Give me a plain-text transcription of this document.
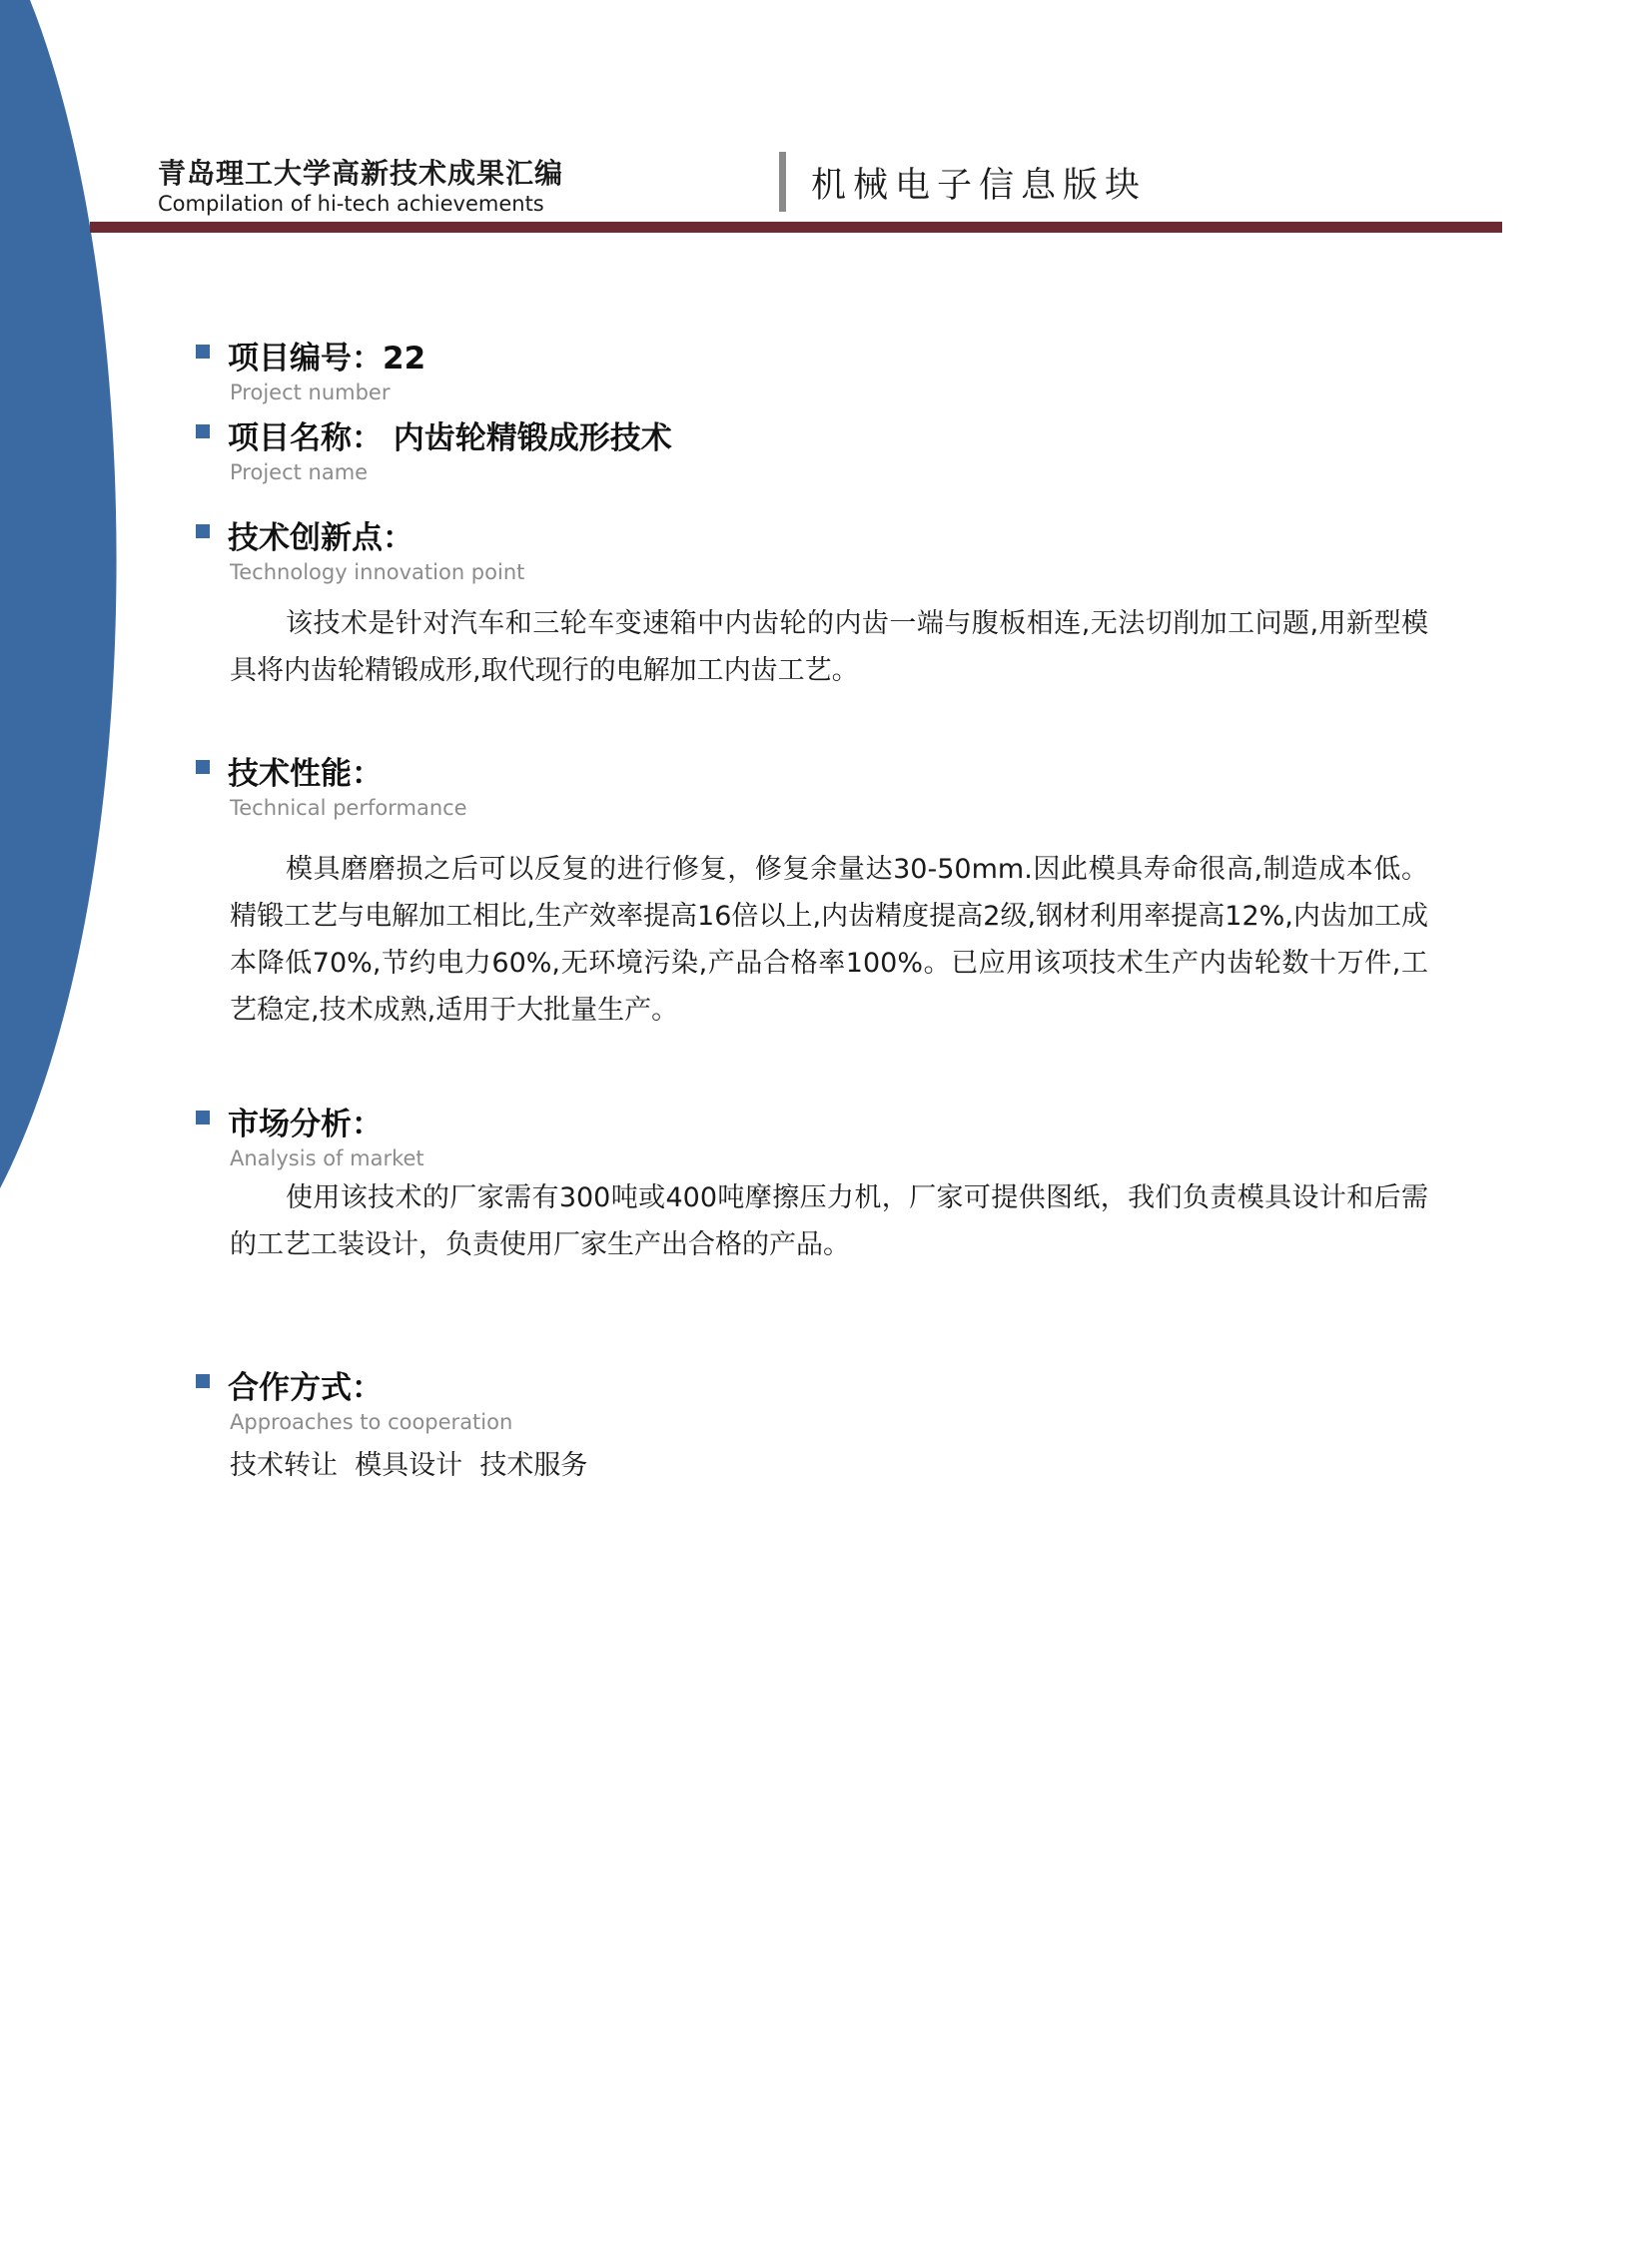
青岛理工大学高新技术成果汇编
Compilation of hi-tech achievements	机械电子信息版块
项目编号：22
Project number
项目名称： 内齿轮精锻成形技术
Project name
技术创新点：
Technology innovation point
该技术是针对汽车和三轮车变速箱中内齿轮的内齿一端与腹板相连,无法切削加工问题,用新型模具将内齿轮精锻成形,取代现行的电解加工内齿工艺。
技术性能：
Technical performance
模具磨磨损之后可以反复的进行修复，修复余量达30-50mm.因此模具寿命很高,制造成本低。精锻工艺与电解加工相比,生产效率提高16倍以上,内齿精度提高2级,钢材利用率提高12%,内齿加工成本降低70%,节约电力60%,无环境污染,产品合格率100%。已应用该项技术生产内齿轮数十万件,工艺稳定,技术成熟,适用于大批量生产。
市场分析：
Analysis of market
使用该技术的厂家需有300吨或400吨摩擦压力机，厂家可提供图纸，我们负责模具设计和后需的工艺工装设计，负责使用厂家生产出合格的产品。
合作方式：
Approaches to cooperation
技术转让  模具设计  技术服务
